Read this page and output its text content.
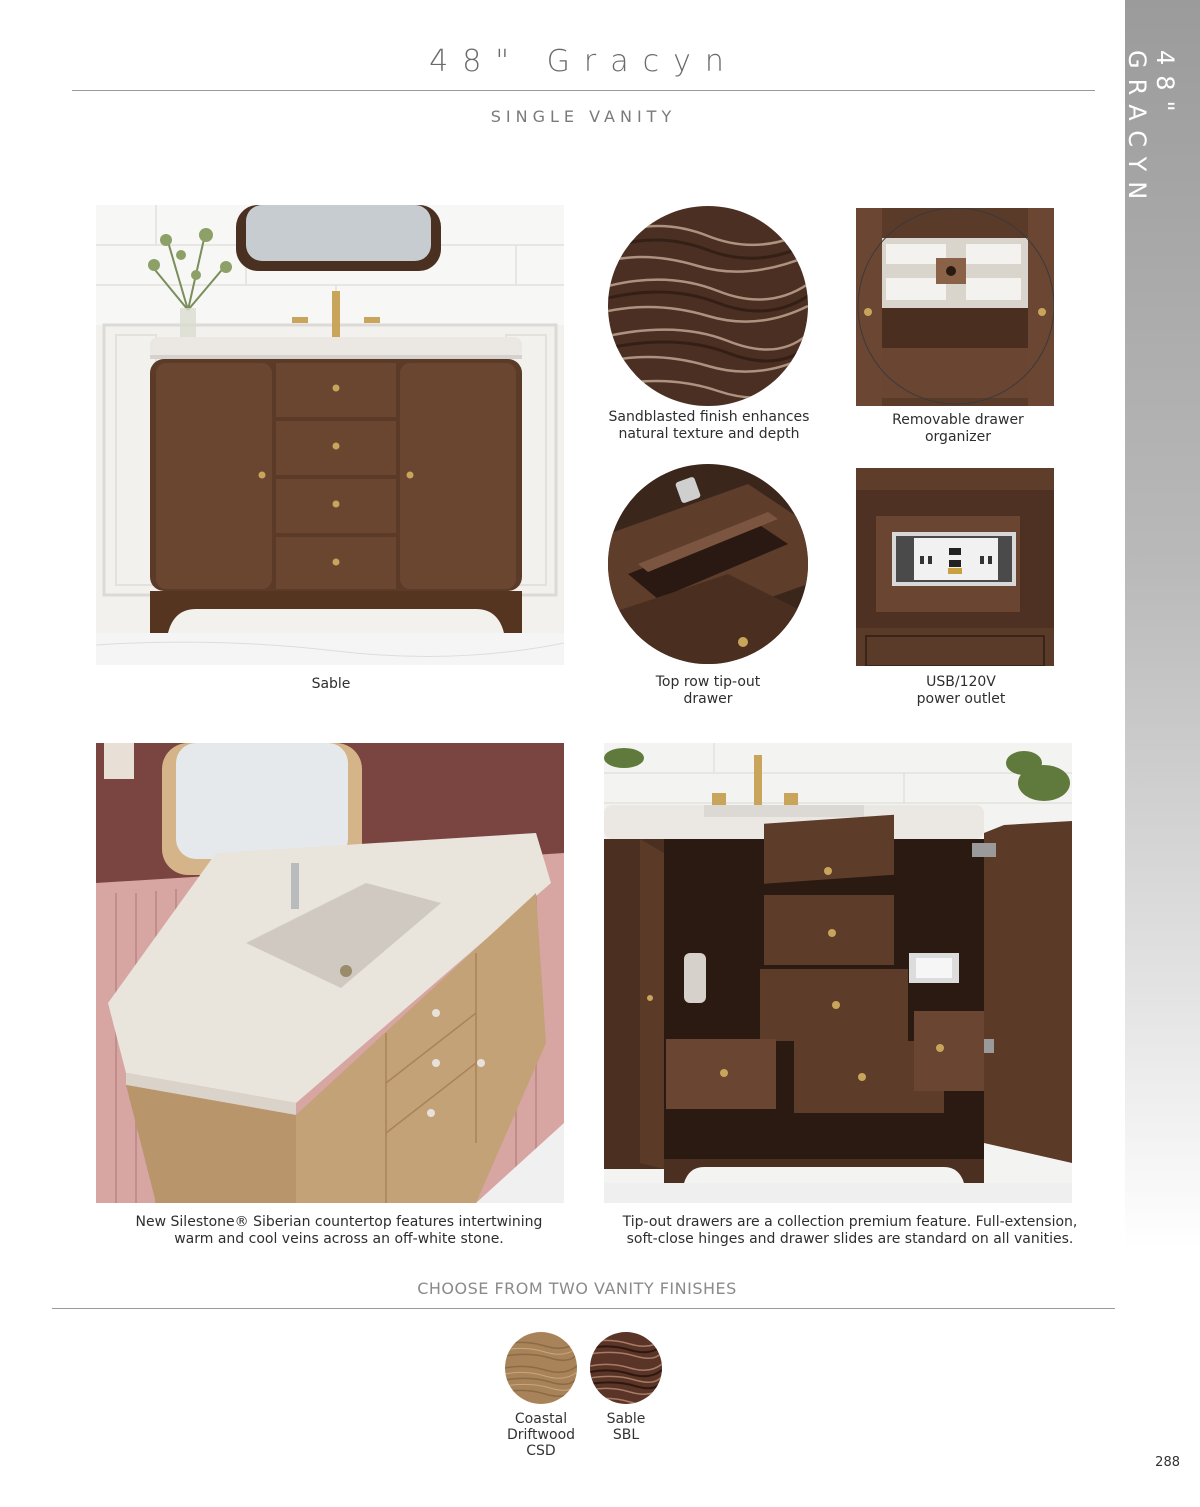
48" GRACYN
48" Gracyn
SINGLE VANITY
Sable
Sandblasted finish enhances
natural texture and depth
Removable drawer
organizer
Top row tip-out
drawer
USB/120V
power outlet
New Silestone® Siberian countertop features intertwining
warm and cool veins across an off-white stone.
Tip-out drawers are a collection premium feature. Full-extension,
soft-close hinges and drawer slides are standard on all vanities.
CHOOSE FROM TWO VANITY FINISHES
Coastal
Driftwood
CSD
Sable
SBL
288
